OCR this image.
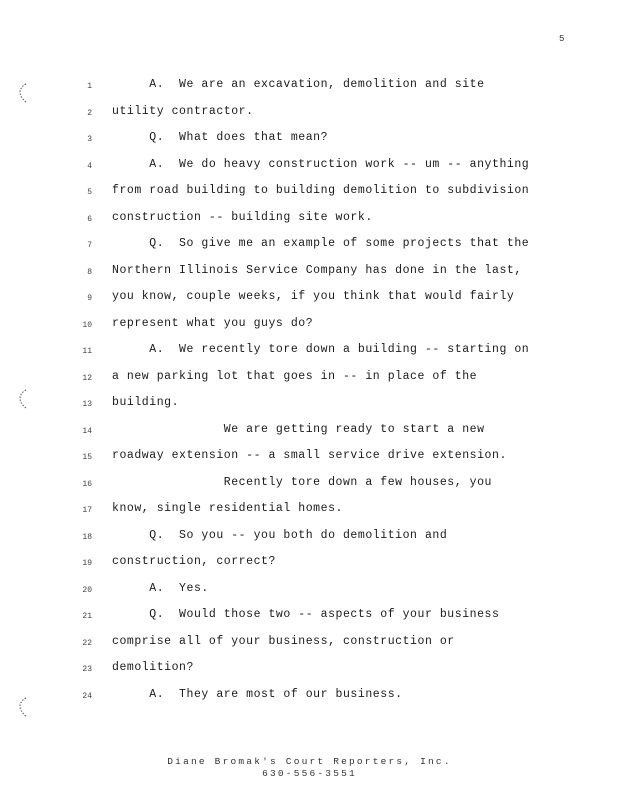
5
1 A.  We are an excavation, demolition and site
2 utility contractor.
3 Q.  What does that mean?
4 A.  We do heavy construction work -- um -- anything
5 from road building to building demolition to subdivision
6 construction -- building site work.
7 Q.  So give me an example of some projects that the
8 Northern Illinois Service Company has done in the last,
9 you know, couple weeks, if you think that would fairly
10 represent what you guys do?
11 A.  We recently tore down a building -- starting on
12 a new parking lot that goes in -- in place of the
13 building.
14 We are getting ready to start a new
15 roadway extension -- a small service drive extension.
16 Recently tore down a few houses, you
17 know, single residential homes.
18 Q.  So you -- you both do demolition and
19 construction, correct?
20 A.  Yes.
21 Q.  Would those two -- aspects of your business
22 comprise all of your business, construction or
23 demolition?
24 A.  They are most of our business.
Diane Bromak's Court Reporters, Inc.
630-556-3551
